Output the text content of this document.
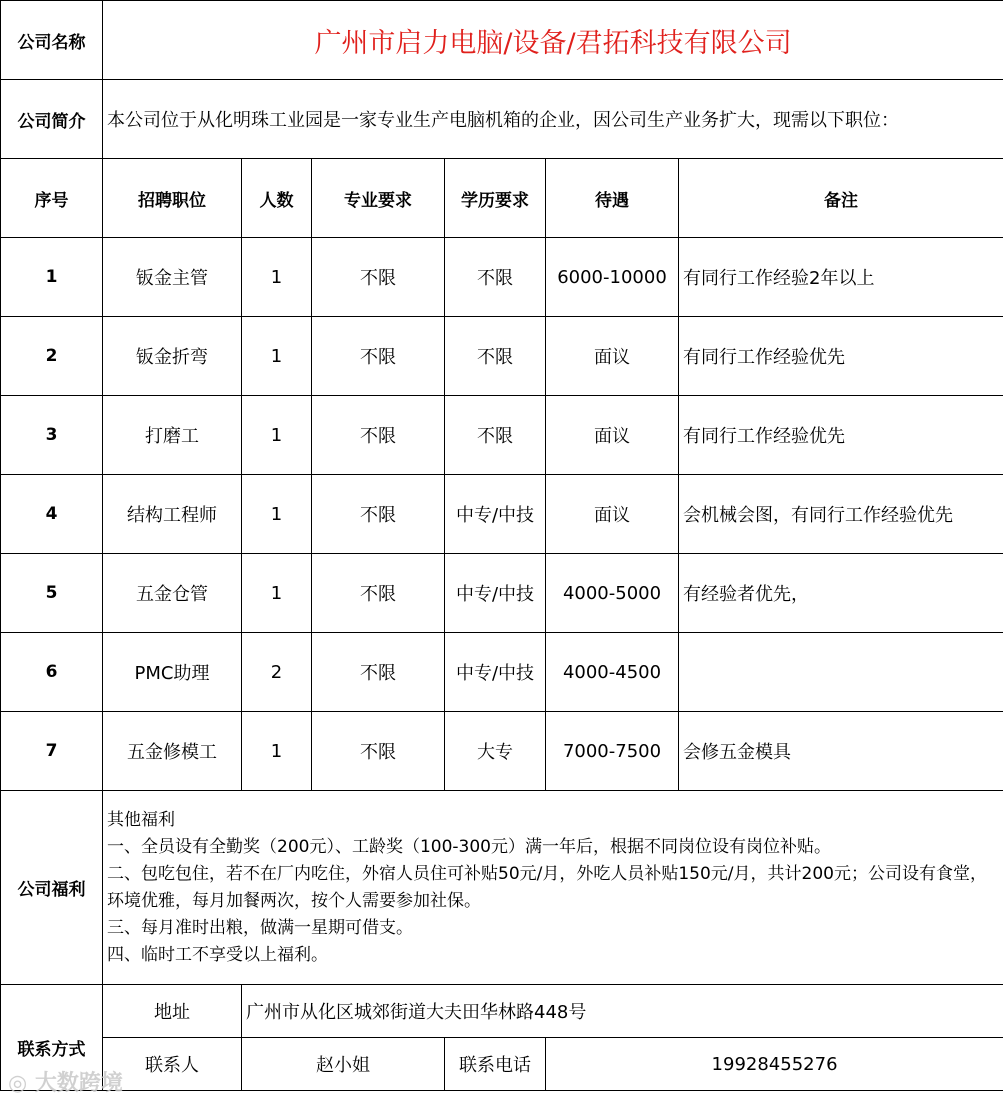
公司名称	广州市启力电脑/设备/君拓科技有限公司					
公司简介	本公司位于从化明珠工业园是一家专业生产电脑机箱的企业，因公司生产业务扩大，现需以下职位：					
序号	招聘职位	人数	专业要求	学历要求	待遇	备注
1	钣金主管	1	不限	不限	6000-10000	有同行工作经验2年以上
2	钣金折弯	1	不限	不限	面议	有同行工作经验优先
3	打磨工	1	不限	不限	面议	有同行工作经验优先
4	结构工程师	1	不限	中专/中技	面议	会机械会图，有同行工作经验优先
5	五金仓管	1	不限	中专/中技	4000-5000	有经验者优先，
6	PMC助理	2	不限	中专/中技	4000-4500	
7	五金修模工	1	不限	大专	7000-7500	会修五金模具
公司福利	其他福利
一、全员设有全勤奖（200元）、工龄奖（100-300元）满一年后，根据不同岗位设有岗位补贴。
二、包吃包住，若不在厂内吃住，外宿人员住可补贴50元/月，外吃人员补贴150元/月，共计200元；公司设有食堂，环境优雅，每月加餐两次，按个人需要参加社保。
三、每月准时出粮，做满一星期可借支。
四、临时工不享受以上福利。					

联系方式	地址	广州市从化区城郊街道大夫田华林路448号				
	联系人	赵小姐		联系电话	19928455276	
◎ 大数跨境
